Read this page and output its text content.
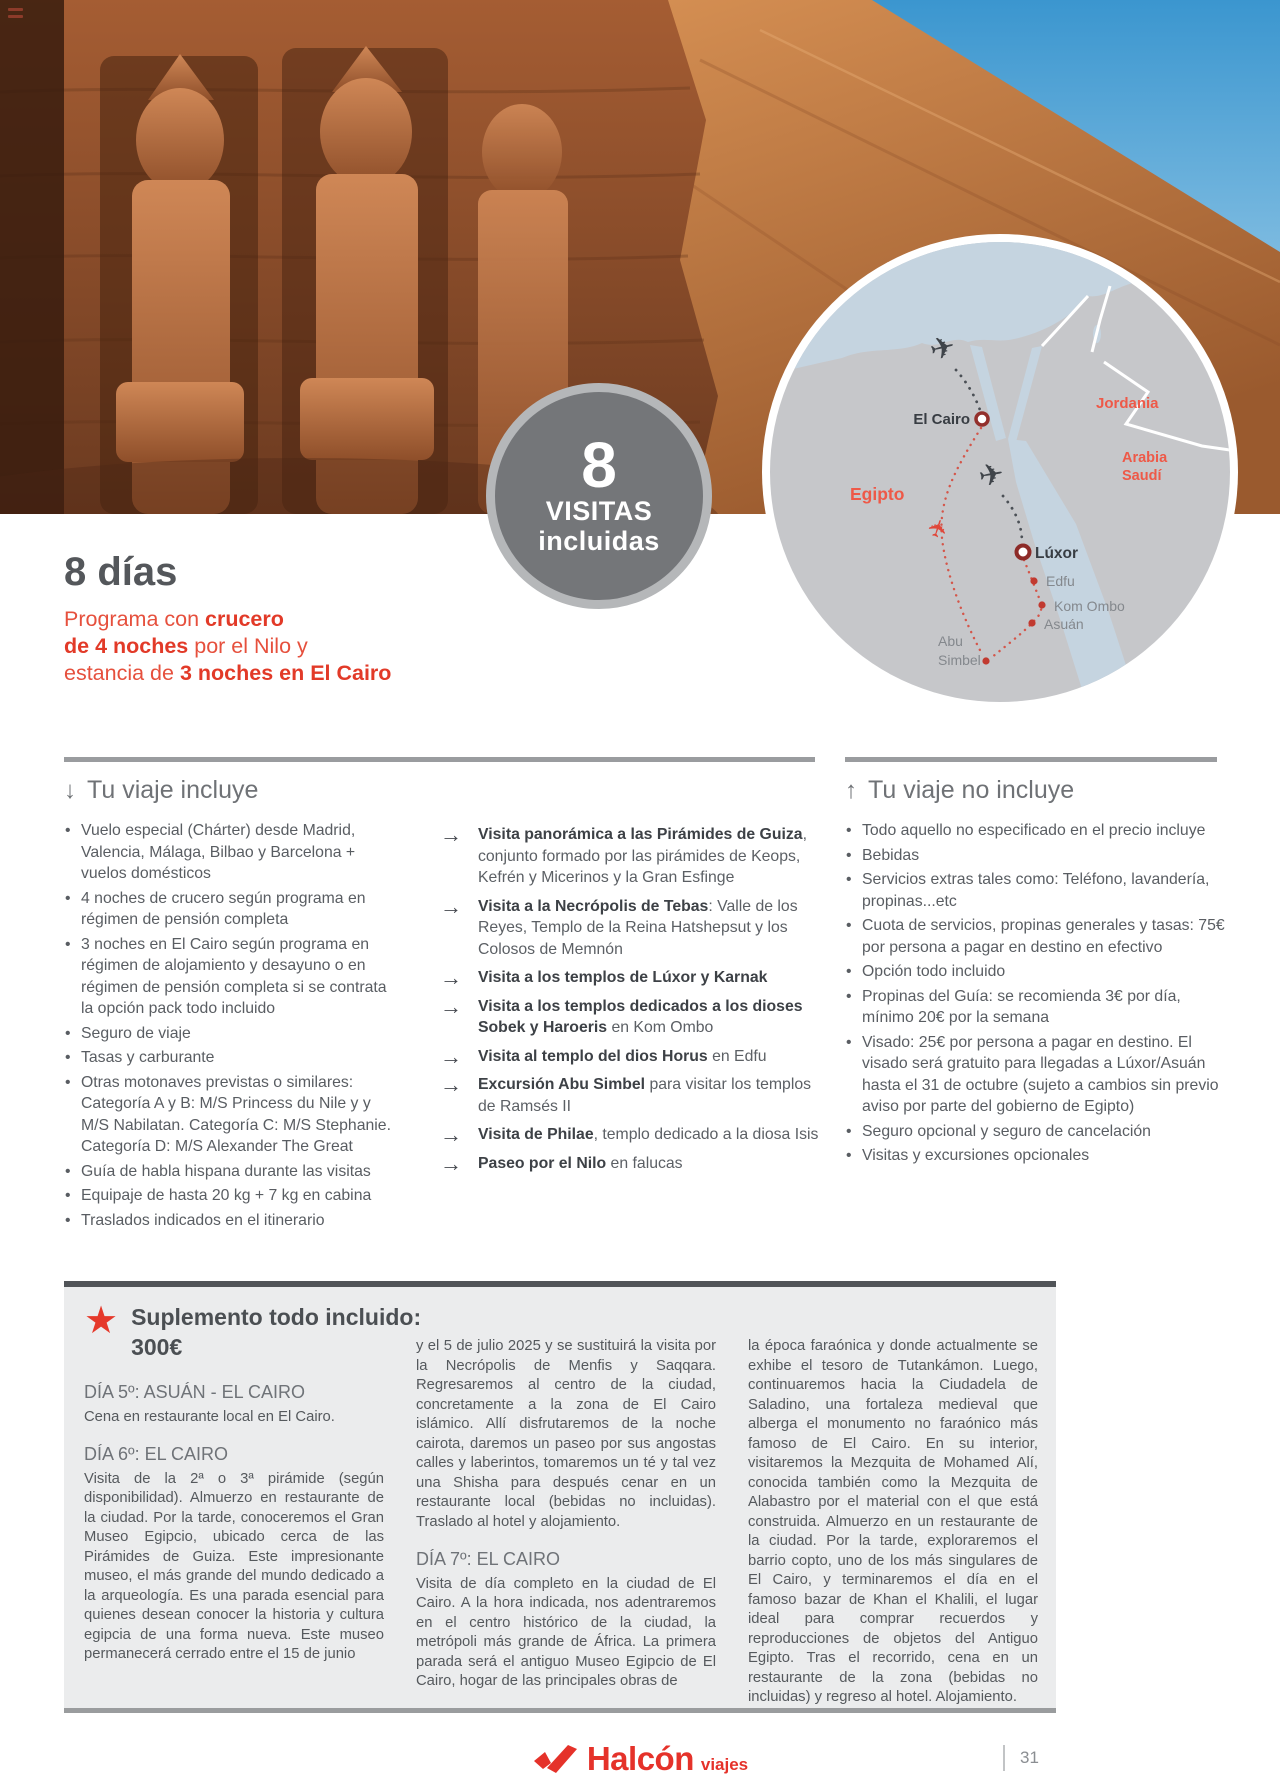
8
VISITAS
incluidas
✈
✈
✈
El Cairo
Lúxor
Edfu
Kom Ombo
Asuán
Abu
Simbel
Egipto
Jordania
Arabia
Saudí
8 días
Programa con crucero
de 4 noches por el Nilo y
estancia de 3 noches en El Cairo
↓ Tu viaje incluye	↑ Tu viaje no incluye
• Vuelo especial (Chárter) desde Madrid, Valencia, Málaga, Bilbao y Barcelona + vuelos domésticos
• 4 noches de crucero según programa en régimen de pensión completa
• 3 noches en El Cairo según programa en régimen de alojamiento y desayuno o en régimen de pensión completa si se contrata la opción pack todo incluido
• Seguro de viaje
• Tasas y carburante
• Otras motonaves previstas o similares: Categoría A y B: M/S Princess du Nile y y M/S Nabilatan. Categoría C: M/S Stephanie. Categoría D: M/S Alexander The Great
• Guía de habla hispana durante las visitas
• Equipaje de hasta 20 kg + 7 kg en cabina
• Traslados indicados en el itinerario
→	Visita panorámica a las Pirámides de Guiza, conjunto formado por las pirámides de Keops, Kefrén y Micerinos y la Gran Esfinge
→	Visita a la Necrópolis de Tebas: Valle de los Reyes, Templo de la Reina Hatshepsut y los Colosos de Memnón
→	Visita a los templos de Lúxor y Karnak
→	Visita a los templos dedicados a los dioses Sobek y Haroeris en Kom Ombo
→	Visita al templo del dios Horus en Edfu
→	Excursión Abu Simbel para visitar los templos de Ramsés II
→	Visita de Philae, templo dedicado a la diosa Isis
→	Paseo por el Nilo en falucas
• Todo aquello no especificado en el precio incluye
• Bebidas
• Servicios extras tales como: Teléfono, lavandería, propinas...etc
• Cuota de servicios, propinas generales y tasas: 75€ por persona a pagar en destino en efectivo
• Opción todo incluido
• Propinas del Guía: se recomienda 3€ por día, mínimo 20€ por la semana
• Visado: 25€ por persona a pagar en destino. El visado será gratuito para llegadas a Lúxor/Asuán hasta el 31 de octubre (sujeto a cambios sin previo aviso por parte del gobierno de Egipto)
• Seguro opcional y seguro de cancelación
• Visitas y excursiones opcionales
★ Suplemento todo incluido:
300€
DÍA 5º: ASUÁN - EL CAIRO

Cena en restaurante local en El Cairo.

DÍA 6º: EL CAIRO

Visita de la 2ª o 3ª pirámide (según disponibilidad). Almuerzo en restaurante de la ciudad. Por la tarde, conoceremos el Gran Museo Egipcio, ubicado cerca de las Pirámides de Guiza. Este impresionante museo, el más grande del mundo dedicado a la arqueología. Es una parada esencial para quienes desean conocer la historia y cultura egipcia de una forma nueva. Este museo permanecerá cerrado entre el 15 de junio

y el 5 de julio 2025 y se sustituirá la visita por la Necrópolis de Menfis y Saqqara. Regresaremos al centro de la ciudad, concretamente a la zona de El Cairo islámico. Allí disfrutaremos de la noche cairota, daremos un paseo por sus angostas calles y laberintos, tomaremos un té y tal vez una Shisha para después cenar en un restaurante local (bebidas no incluidas). Traslado al hotel y alojamiento.

DÍA 7º: EL CAIRO

Visita de día completo en la ciudad de El Cairo. A la hora indicada, nos adentraremos en el centro histórico de la ciudad, la metrópoli más grande de África. La primera parada será el antiguo Museo Egipcio de El Cairo, hogar de las principales obras de

la época faraónica y donde actualmente se exhibe el tesoro de Tutankámon. Luego, continuaremos hacia la Ciudadela de Saladino, una fortaleza medieval que alberga el monumento no faraónico más famoso de El Cairo. En su interior, visitaremos la Mezquita de Mohamed Alí, conocida también como la Mezquita de Alabastro por el material con el que está construida. Almuerzo en un restaurante de la ciudad. Por la tarde, exploraremos el barrio copto, uno de los más singulares de El Cairo, y terminaremos el día en el famoso bazar de Khan el Khalili, el lugar ideal para comprar recuerdos y reproducciones de objetos del Antiguo Egipto. Tras el recorrido, cena en un restaurante de la zona (bebidas no incluidas) y regreso al hotel. Alojamiento.

Halcón viajes	31
